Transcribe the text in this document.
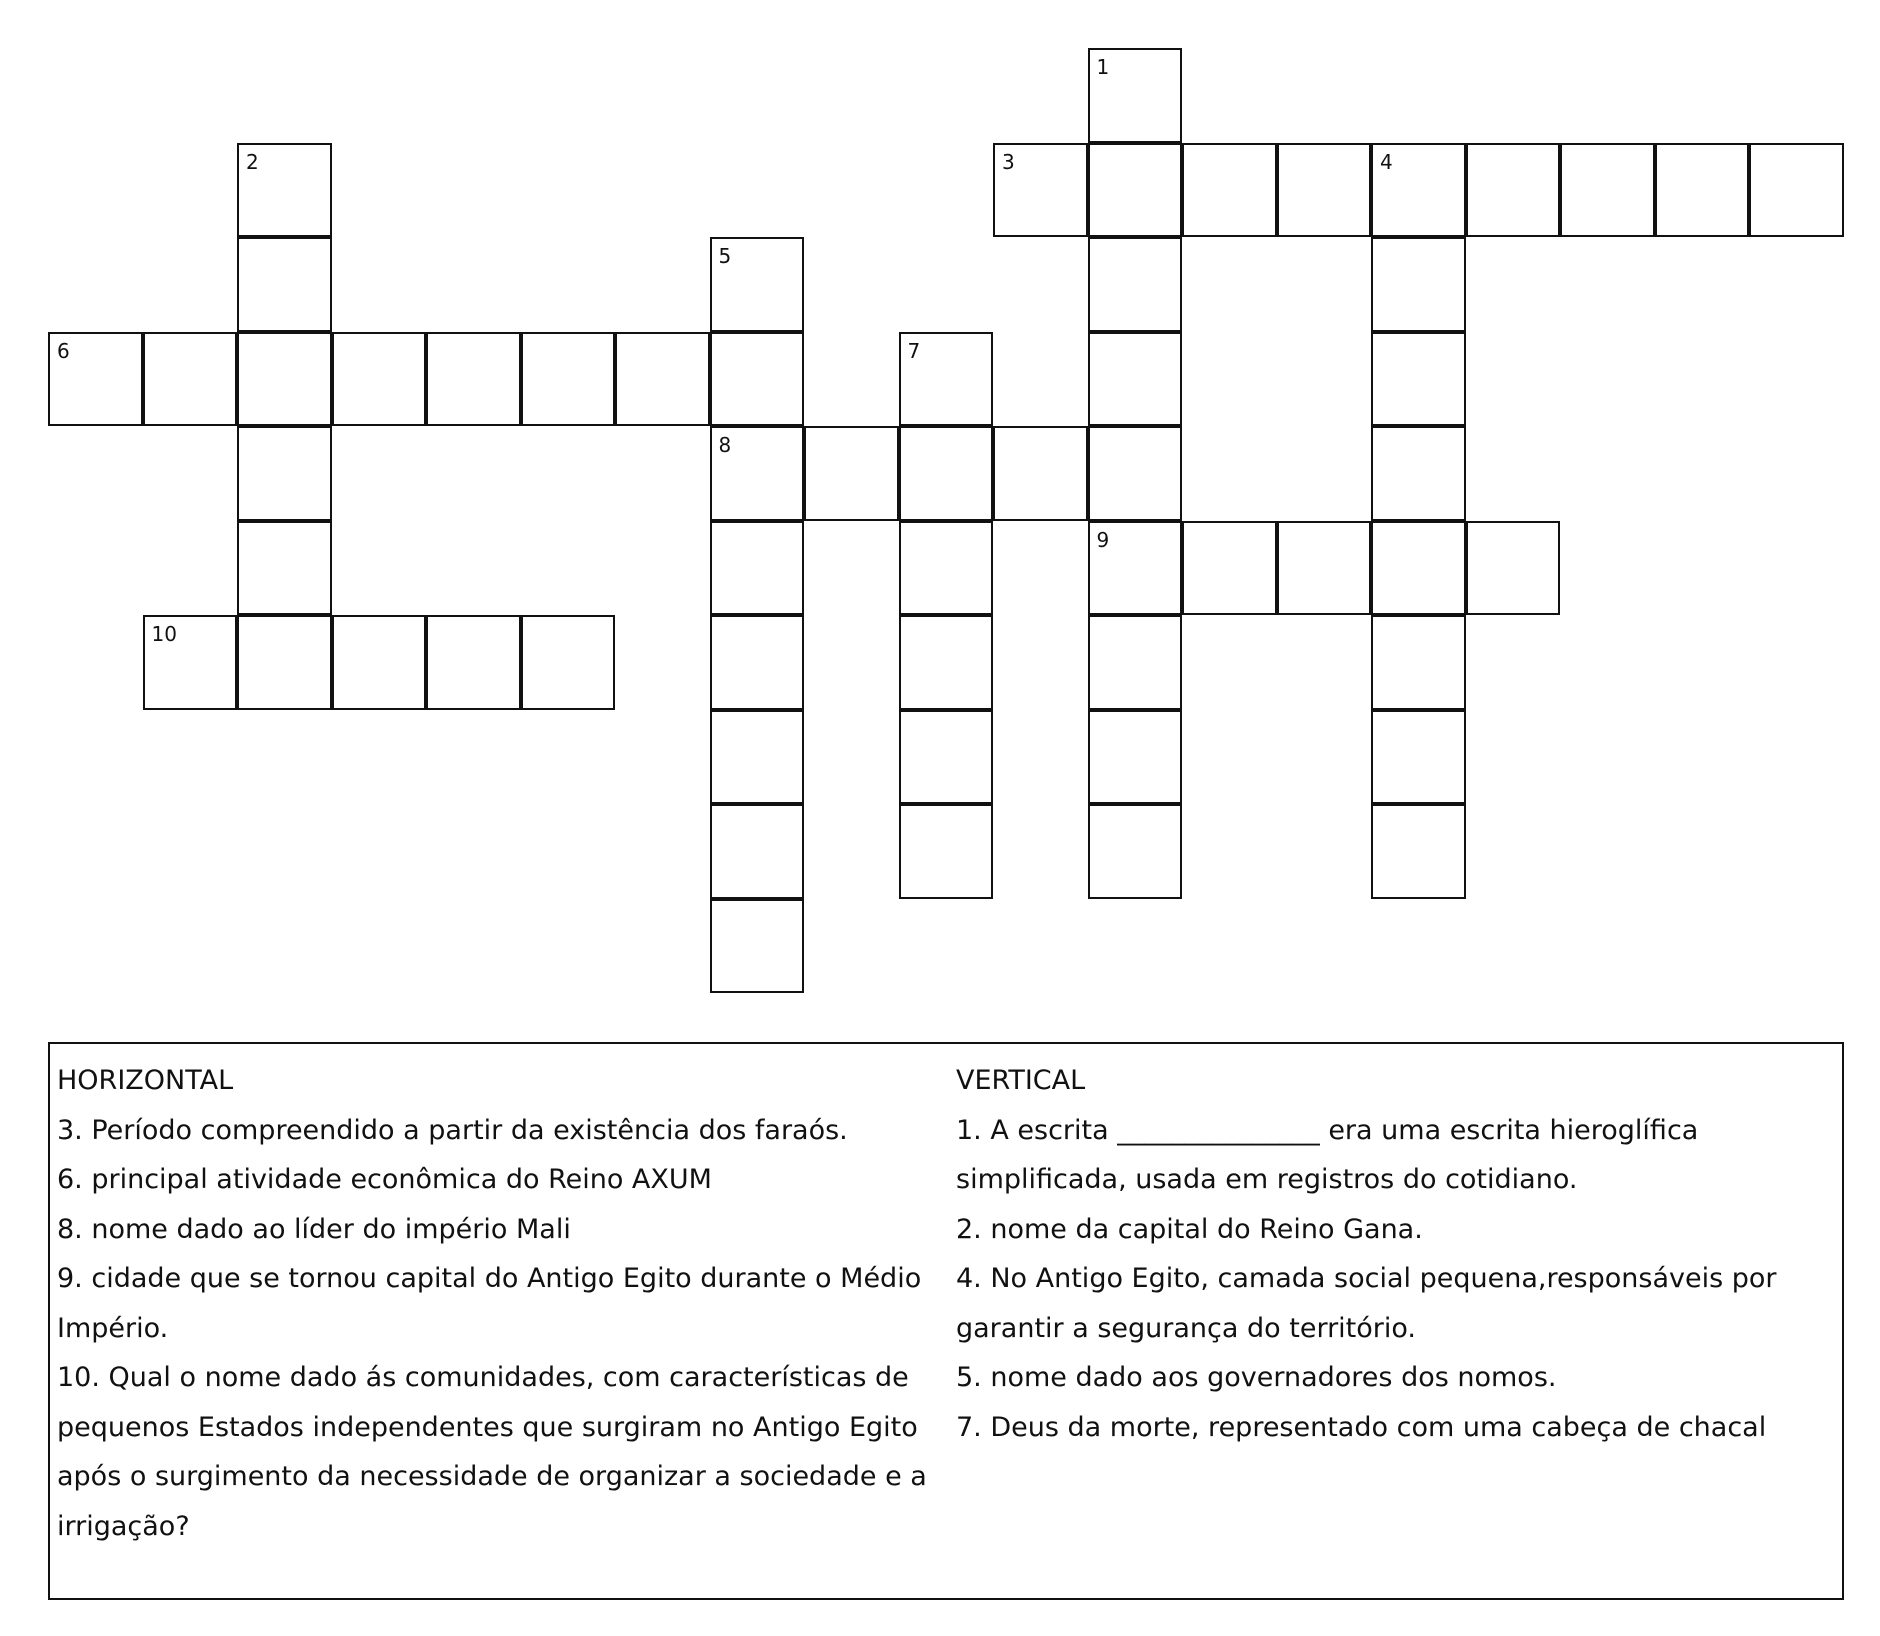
1
2	3	4
5
6	7
8
9
10
HORIZONTAL
3. Período compreendido a partir da existência dos faraós.
6. principal atividade econômica do Reino AXUM
8. nome dado ao líder do império Mali
9. cidade que se tornou capital do Antigo Egito durante o Médio Império.
10. Qual o nome dado ás comunidades, com características de pequenos Estados independentes que surgiram no Antigo Egito após o surgimento da necessidade de organizar a sociedade e a irrigação?
VERTICAL
1. A escrita _______________ era uma escrita hieroglífica simplificada, usada em registros do cotidiano.
2. nome da capital do Reino Gana.
4. No Antigo Egito, camada social pequena,responsáveis por garantir a segurança do território.
5. nome dado aos governadores dos nomos.
7. Deus da morte, representado com uma cabeça de chacal
